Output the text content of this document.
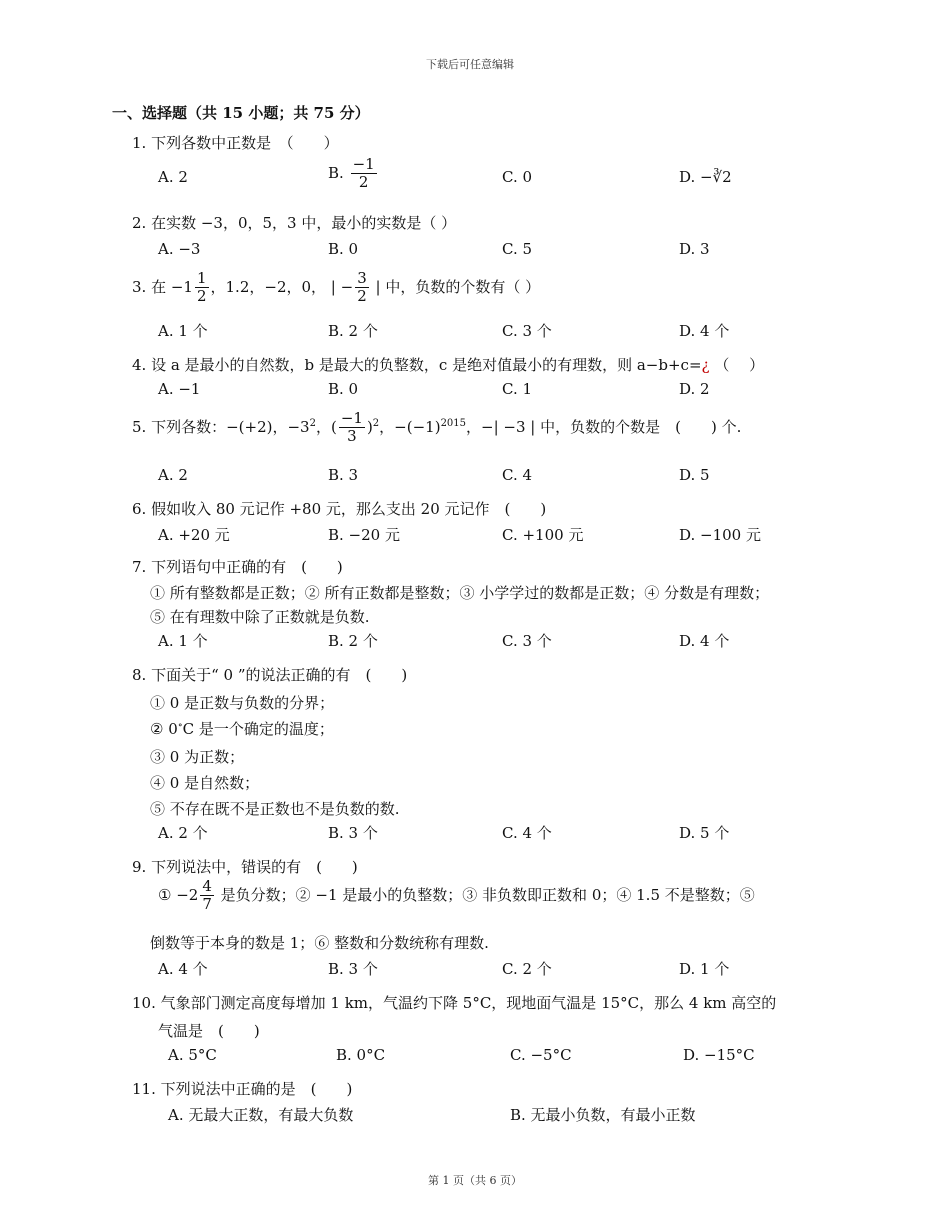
下载后可任意编辑
一、选择题（共 15 小题；共 75 分）
1. 下列各数中正数是　（　　）
A. 2	B. $\frac{-1}{2}$	C. 0	D. −∛2
2. 在实数 −3，0，5，3 中，最小的实数是（ ）
A. −3	B. 0	C. 5	D. 3
3. 在 $-1 \frac{1}{2}$ ，1.2，−2，0， | − $\frac{3}{2}$ | 中，负数的个数有（ ）
A. 1 个	B. 2 个	C. 3 个	D. 4 个
4. 设 a 是最小的自然数，b 是最大的负整数，c 是绝对值最小的有理数，则 a−b+c=¿ （　 ）
A. −1	B. 0	C. 1	D. 2
5. 下列各数：−(+2)，$-3^2$，( $\frac{-1}{3} )^2$，$-(-1)^{2015}$，−| −3 | 中，负数的个数是　(　　) 个.
A. 2	B. 3	C. 4	D. 5
6. 假如收入 80 元记作 +80 元，那么支出 20 元记作　(　　)
A. +20 元	B. −20 元	C. +100 元	D. −100 元
7. 下列语句中正确的有　(　　)
① 所有整数都是正数；② 所有正数都是整数；③ 小学学过的数都是正数；④ 分数是有理数；
⑤ 在有理数中除了正数就是负数.
A. 1 个	B. 2 个	C. 3 个	D. 4 个
8. 下面关于“ 0 ”的说法正确的有　(　　)
① 0 是正数与负数的分界；
② 0∘C 是一个确定的温度；
③ 0 为正数；
④ 0 是自然数；
⑤ 不存在既不是正数也不是负数的数.
A. 2 个	B. 3 个	C. 4 个	D. 5 个
9. 下列说法中，错误的有　(　　)
① $-2 \frac{4}{7}$ 是负分数；② −1 是最小的负整数；③ 非负数即正数和 0；④ 1.5 不是整数；⑤
倒数等于本身的数是 1；⑥ 整数和分数统称有理数.
A. 4 个	B. 3 个	C. 2 个	D. 1 个
10. 气象部门测定高度每增加 1 km，气温约下降 5°C，现地面气温是 15°C，那么 4 km 高空的
气温是　(　　)
A. 5°C	B. 0°C	C. −5°C	D. −15°C
11. 下列说法中正确的是　(　　)
A. 无最大正数，有最大负数	B. 无最小负数，有最小正数
第 1 页（共 6 页）
